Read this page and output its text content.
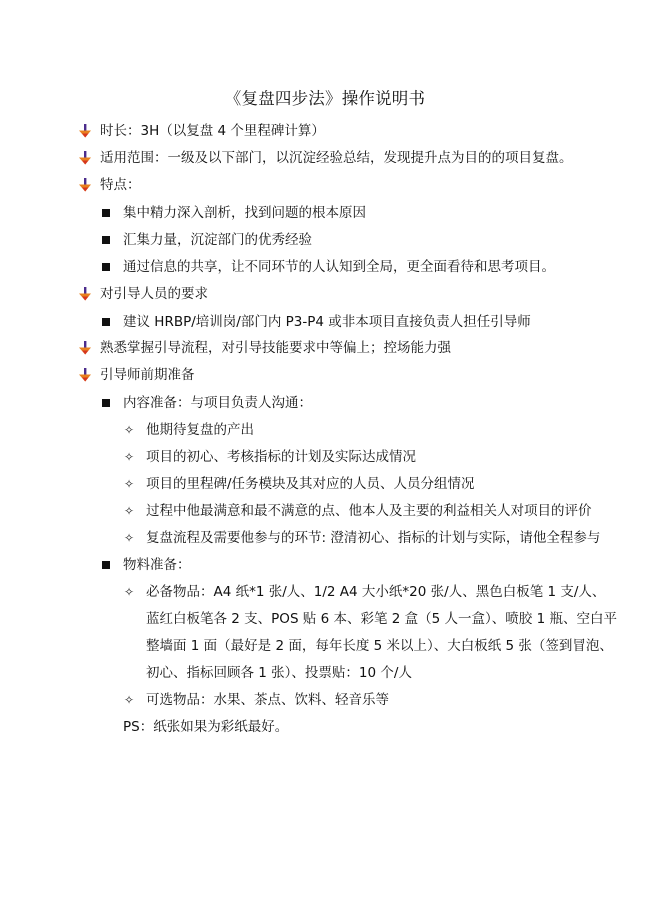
《复盘四步法》操作说明书
时长：3H（以复盘 4 个里程碑计算）
适用范围：一级及以下部门，以沉淀经验总结，发现提升点为目的的项目复盘。
特点：
集中精力深入剖析，找到问题的根本原因
汇集力量，沉淀部门的优秀经验
通过信息的共享，让不同环节的人认知到全局，更全面看待和思考项目。
对引导人员的要求
建议 HRBP/培训岗/部门内 P3-P4 或非本项目直接负责人担任引导师
熟悉掌握引导流程，对引导技能要求中等偏上；控场能力强
引导师前期准备
内容准备：与项目负责人沟通：
✧ 他期待复盘的产出
✧ 项目的初心、考核指标的计划及实际达成情况
✧ 项目的里程碑/任务模块及其对应的人员、人员分组情况
✧ 过程中他最满意和最不满意的点、他本人及主要的利益相关人对项目的评价
✧ 复盘流程及需要他参与的环节: 澄清初心、指标的计划与实际，请他全程参与
物料准备：
✧ 必备物品：A4 纸*1 张/人、1/2 A4 大小纸*20 张/人、黑色白板笔 1 支/人、
蓝红白板笔各 2 支、POS 贴 6 本、彩笔 2 盒（5 人一盒）、喷胶 1 瓶、空白平
整墙面 1 面（最好是 2 面，每年长度 5 米以上）、大白板纸 5 张（签到冒泡、
初心、指标回顾各 1 张）、投票贴：10 个/人
✧ 可选物品：水果、茶点、饮料、轻音乐等
PS：纸张如果为彩纸最好。
